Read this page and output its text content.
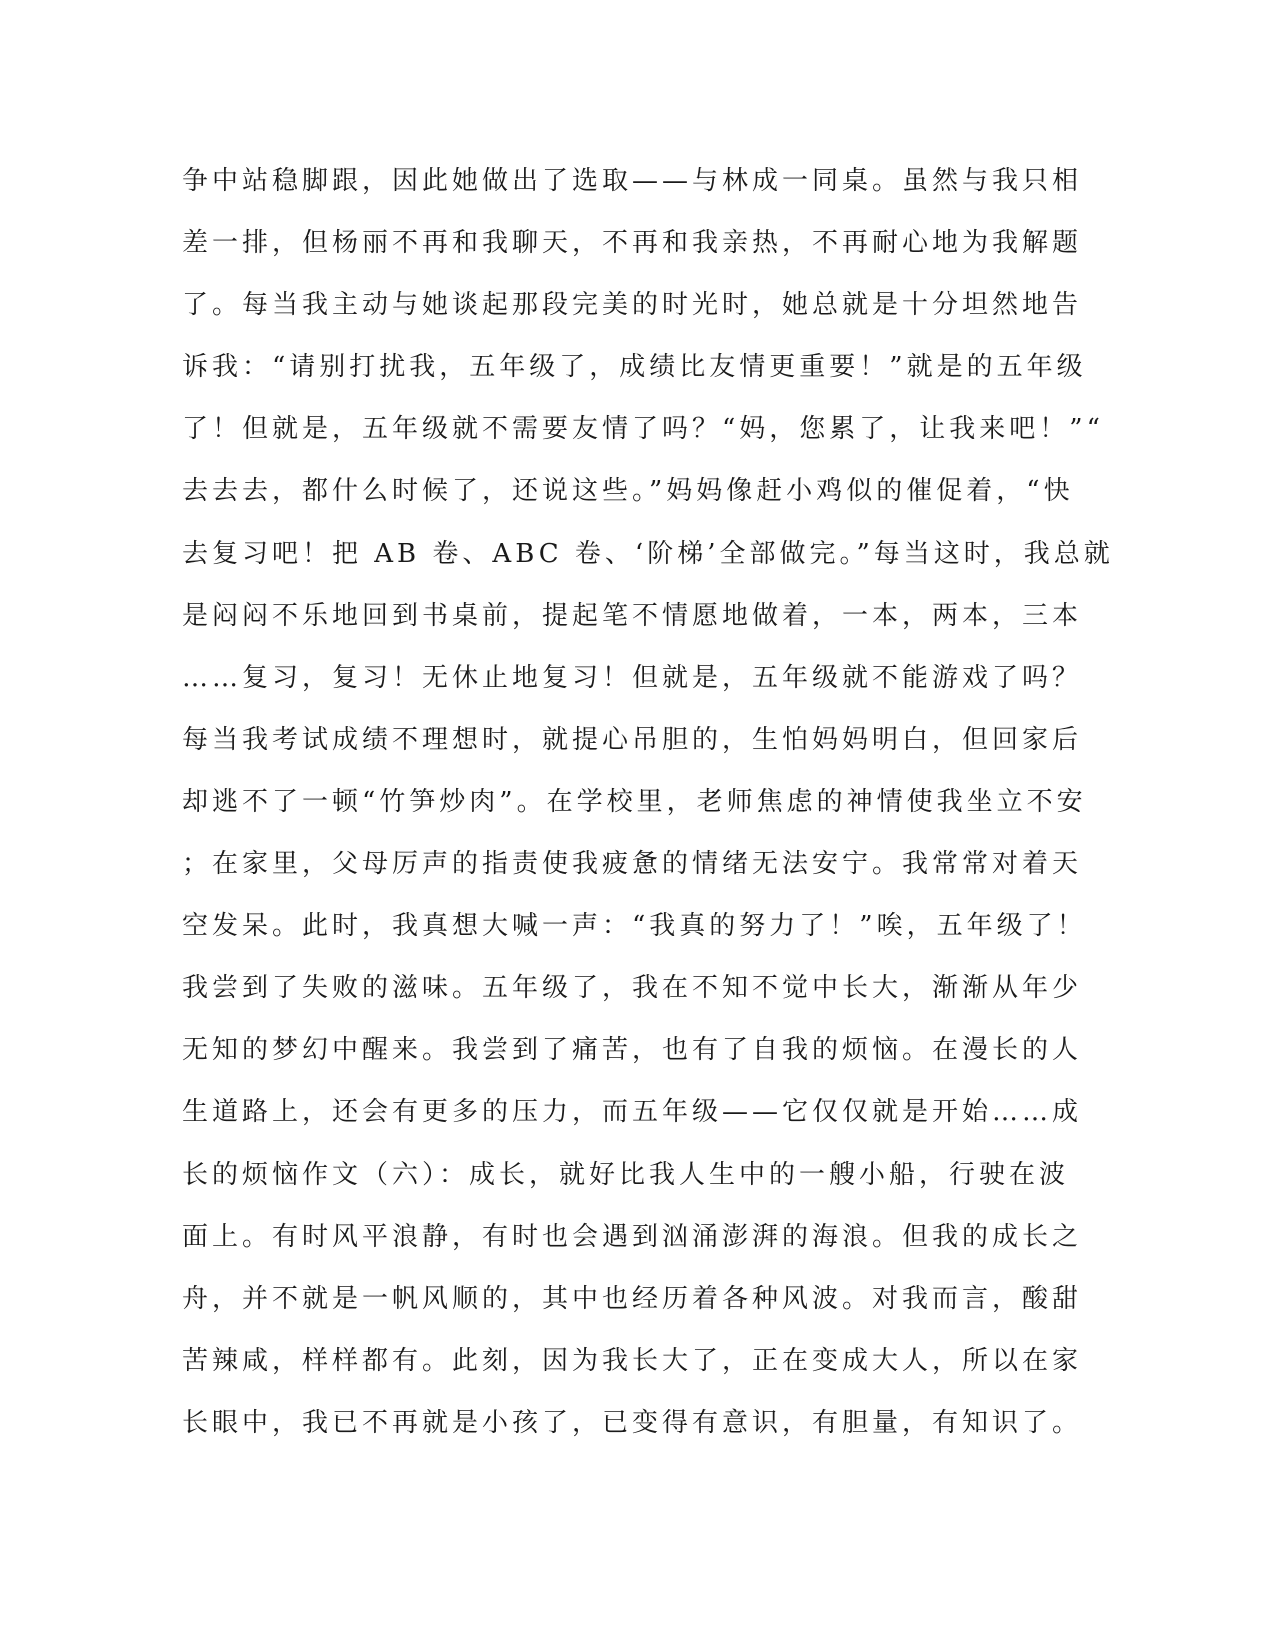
争中站稳脚跟，因此她做出了选取——与林成一同桌。虽然与我只相
差一排，但杨丽不再和我聊天，不再和我亲热，不再耐心地为我解题
了。每当我主动与她谈起那段完美的时光时，她总就是十分坦然地告
诉我：“请别打扰我，五年级了，成绩比友情更重要！”就是的五年级
了！但就是，五年级就不需要友情了吗？“妈，您累了，让我来吧！”“
去去去，都什么时候了，还说这些。”妈妈像赶小鸡似的催促着，“快
去复习吧！把 AB 卷、ABC 卷、‘阶梯’全部做完。”每当这时，我总就
是闷闷不乐地回到书桌前，提起笔不情愿地做着，一本，两本，三本
……复习，复习！无休止地复习！但就是，五年级就不能游戏了吗？
每当我考试成绩不理想时，就提心吊胆的，生怕妈妈明白，但回家后
却逃不了一顿“竹笋炒肉”。在学校里，老师焦虑的神情使我坐立不安
；在家里，父母厉声的指责使我疲惫的情绪无法安宁。我常常对着天
空发呆。此时，我真想大喊一声：“我真的努力了！”唉，五年级了！
我尝到了失败的滋味。五年级了，我在不知不觉中长大，渐渐从年少
无知的梦幻中醒来。我尝到了痛苦，也有了自我的烦恼。在漫长的人
生道路上，还会有更多的压力，而五年级——它仅仅就是开始……成
长的烦恼作文（六）：成长，就好比我人生中的一艘小船，行驶在波
面上。有时风平浪静，有时也会遇到汹涌澎湃的海浪。但我的成长之
舟，并不就是一帆风顺的，其中也经历着各种风波。对我而言，酸甜
苦辣咸，样样都有。此刻，因为我长大了，正在变成大人，所以在家
长眼中，我已不再就是小孩了，已变得有意识，有胆量，有知识了。
